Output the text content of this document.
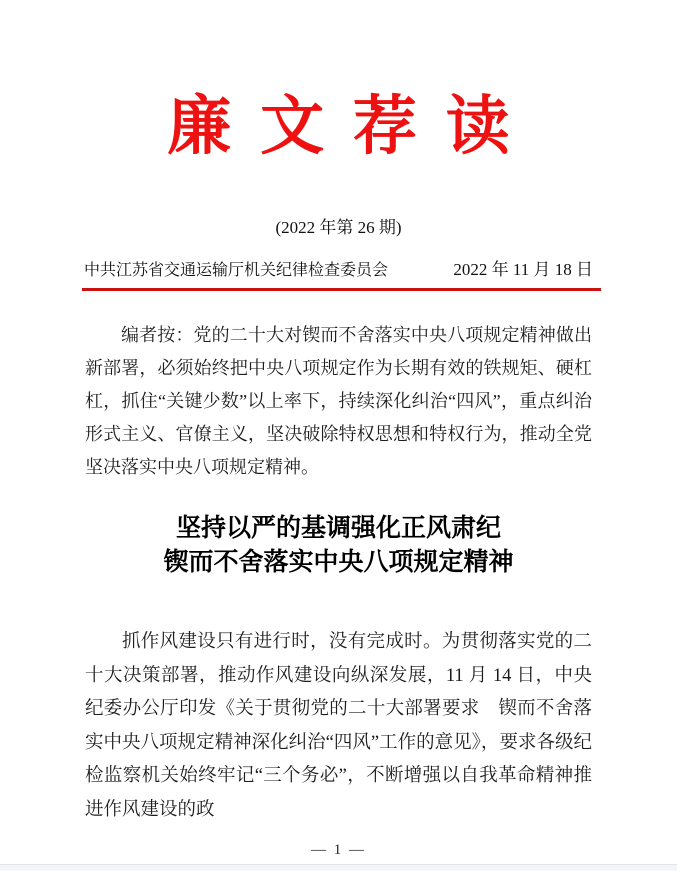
廉文荐读
(2022 年第 26 期)
中共江苏省交通运输厅机关纪律检查委员会	2022 年 11 月 18 日

编者按：党的二十大对锲而不舍落实中央八项规定精神做出新部署，必须始终把中央八项规定作为长期有效的铁规矩、硬杠杠，抓住“关键少数”以上率下，持续深化纠治“四风”，重点纠治形式主义、官僚主义，坚决破除特权思想和特权行为，推动全党坚决落实中央八项规定精神。

坚持以严的基调强化正风肃纪
锲而不舍落实中央八项规定精神

抓作风建设只有进行时，没有完成时。为贯彻落实党的二十大决策部署，推动作风建设向纵深发展，11 月 14 日，中央纪委办公厅印发《关于贯彻党的二十大部署要求　锲而不舍落实中央八项规定精神深化纠治“四风”工作的意见》，要求各级纪检监察机关始终牢记“三个务必”，不断增强以自我革命精神推进作风建设的政

— 1 —
